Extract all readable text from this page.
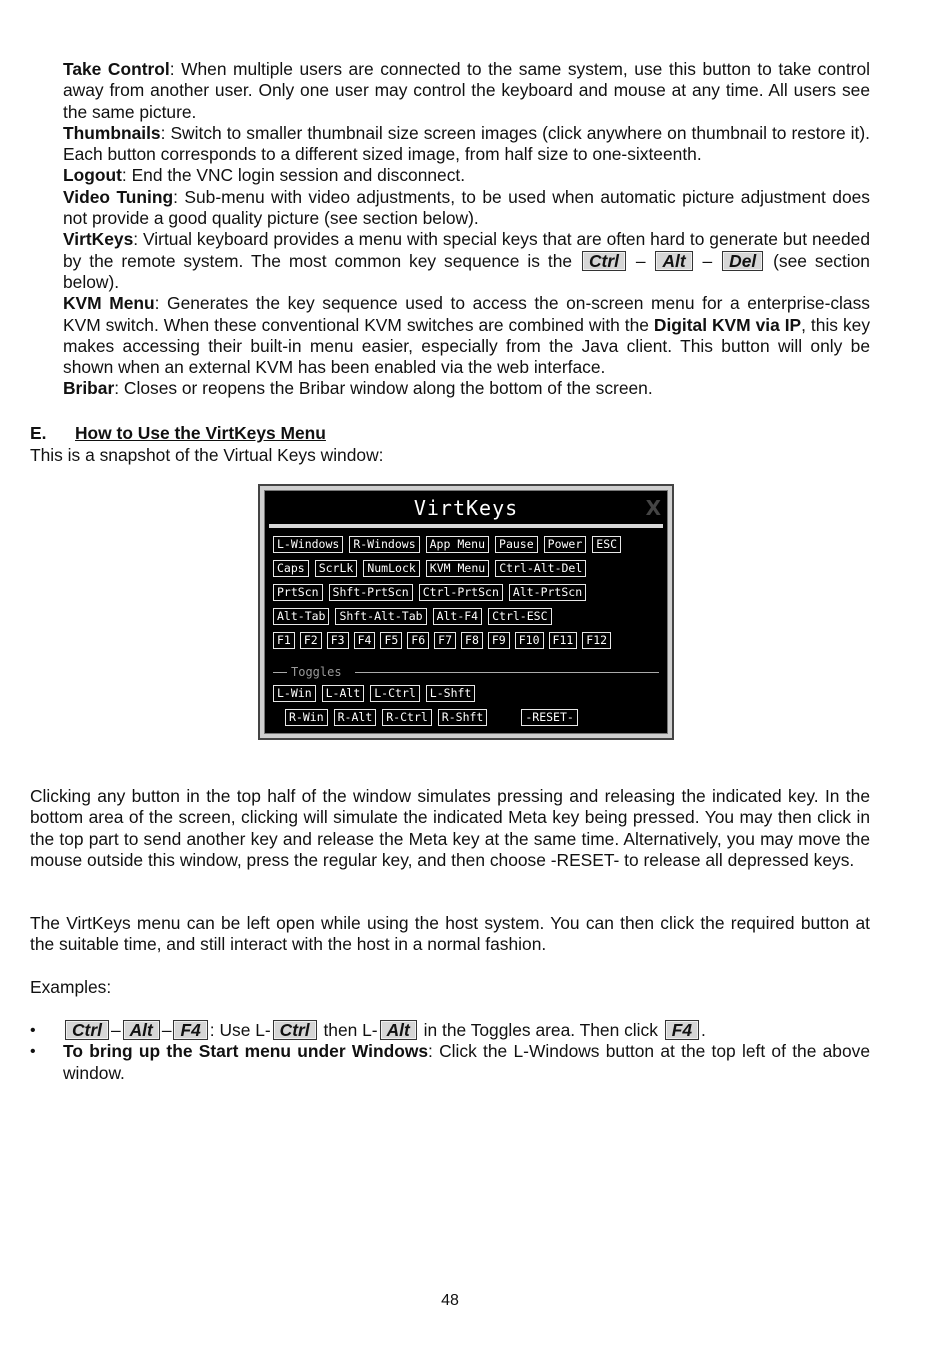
Take Control: When multiple users are connected to the same system, use this button to take control away from another user. Only one user may control the keyboard and mouse at any time. All users see the same picture.

Thumbnails: Switch to smaller thumbnail size screen images (click anywhere on thumbnail to restore it). Each button corresponds to a different sized image, from half size to one-sixteenth.

Logout: End the VNC login session and disconnect.

Video Tuning: Sub-menu with video adjustments, to be used when automatic picture adjustment does not provide a good quality picture (see section below).

VirtKeys: Virtual keyboard provides a menu with special keys that are often hard to generate but needed by the remote system. The most common key sequence is the Ctrl – Alt – Del (see section below).

KVM Menu: Generates the key sequence used to access the on-screen menu for a enterprise-class KVM switch. When these conventional KVM switches are combined with the Digital KVM via IP, this key makes accessing their built-in menu easier, especially from the Java client. This button will only be shown when an external KVM has been enabled via the web interface.

Bribar: Closes or reopens the Bribar window along the bottom of the screen.

E. How to Use the VirtKeys Menu
This is a snapshot of the Virtual Keys window:
VirtKeys	X
L-Windows	R-Windows	App Menu	Pause	Power	ESC
Caps	ScrLk	NumLock	KVM Menu	Ctrl-Alt-Del
PrtScn	Shft-PrtScn	Ctrl-PrtScn	Alt-PrtScn
Alt-Tab	Shft-Alt-Tab	Alt-F4	Ctrl-ESC
F1	F2	F3	F4	F5	F6	F7	F8	F9	F10	F11	F12
Toggles
L-Win	L-Alt	L-Ctrl	L-Shft
R-Win	R-Alt	R-Ctrl	R-Shft	-RESET-

Clicking any button in the top half of the window simulates pressing and releasing the indicated key. In the bottom area of the screen, clicking will simulate the indicated Meta key being pressed. You may then click in the top part to send another key and release the Meta key at the same time. Alternatively, you may move the mouse outside this window, press the regular key, and then choose -RESET- to release all depressed keys.

The VirtKeys menu can be left open while using the host system. You can then click the required button at the suitable time, and still interact with the host in a normal fashion.

Examples:

• Ctrl – Alt – F4 : Use L- Ctrl then L- Alt in the Toggles area. Then click F4 .
• To bring up the Start menu under Windows: Click the L-Windows button at the top left of the above window.
48
